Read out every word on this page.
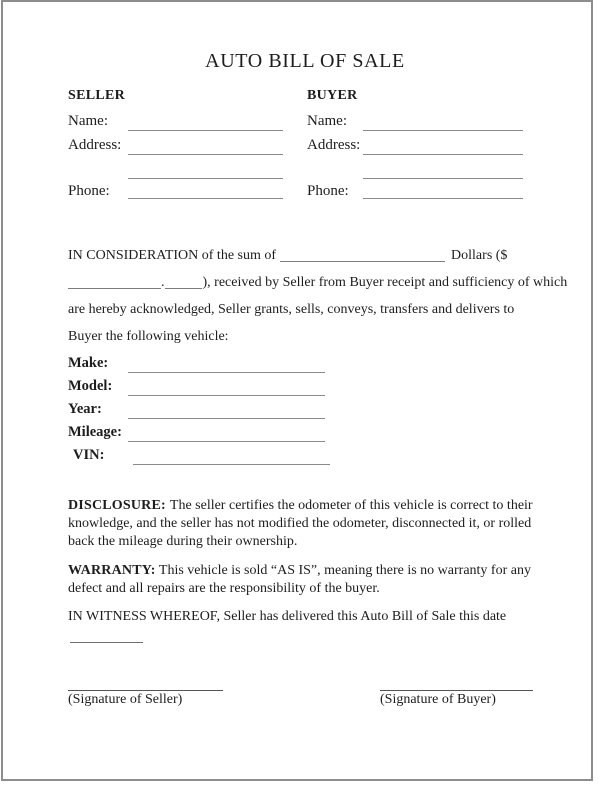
AUTO BILL OF SALE
SELLER
Name:
Address:
Phone:
BUYER
Name:
Address:
Phone:
IN CONSIDERATION of the sum of	Dollars ($
.	), received by Seller from Buyer receipt and sufficiency of which
are hereby acknowledged, Seller grants, sells, conveys, transfers and delivers to
Buyer the following vehicle:
Make:
Model:
Year:
Mileage:
VIN:

DISCLOSURE: The seller certifies the odometer of this vehicle is correct to their knowledge, and the seller has not modified the odometer, disconnected it, or rolled back the mileage during their ownership.

WARRANTY: This vehicle is sold “AS IS”, meaning there is no warranty for any defect and all repairs are the responsibility of the buyer.

IN WITNESS WHEREOF, Seller has delivered this Auto Bill of Sale this date
(Signature of Seller)	(Signature of Buyer)
